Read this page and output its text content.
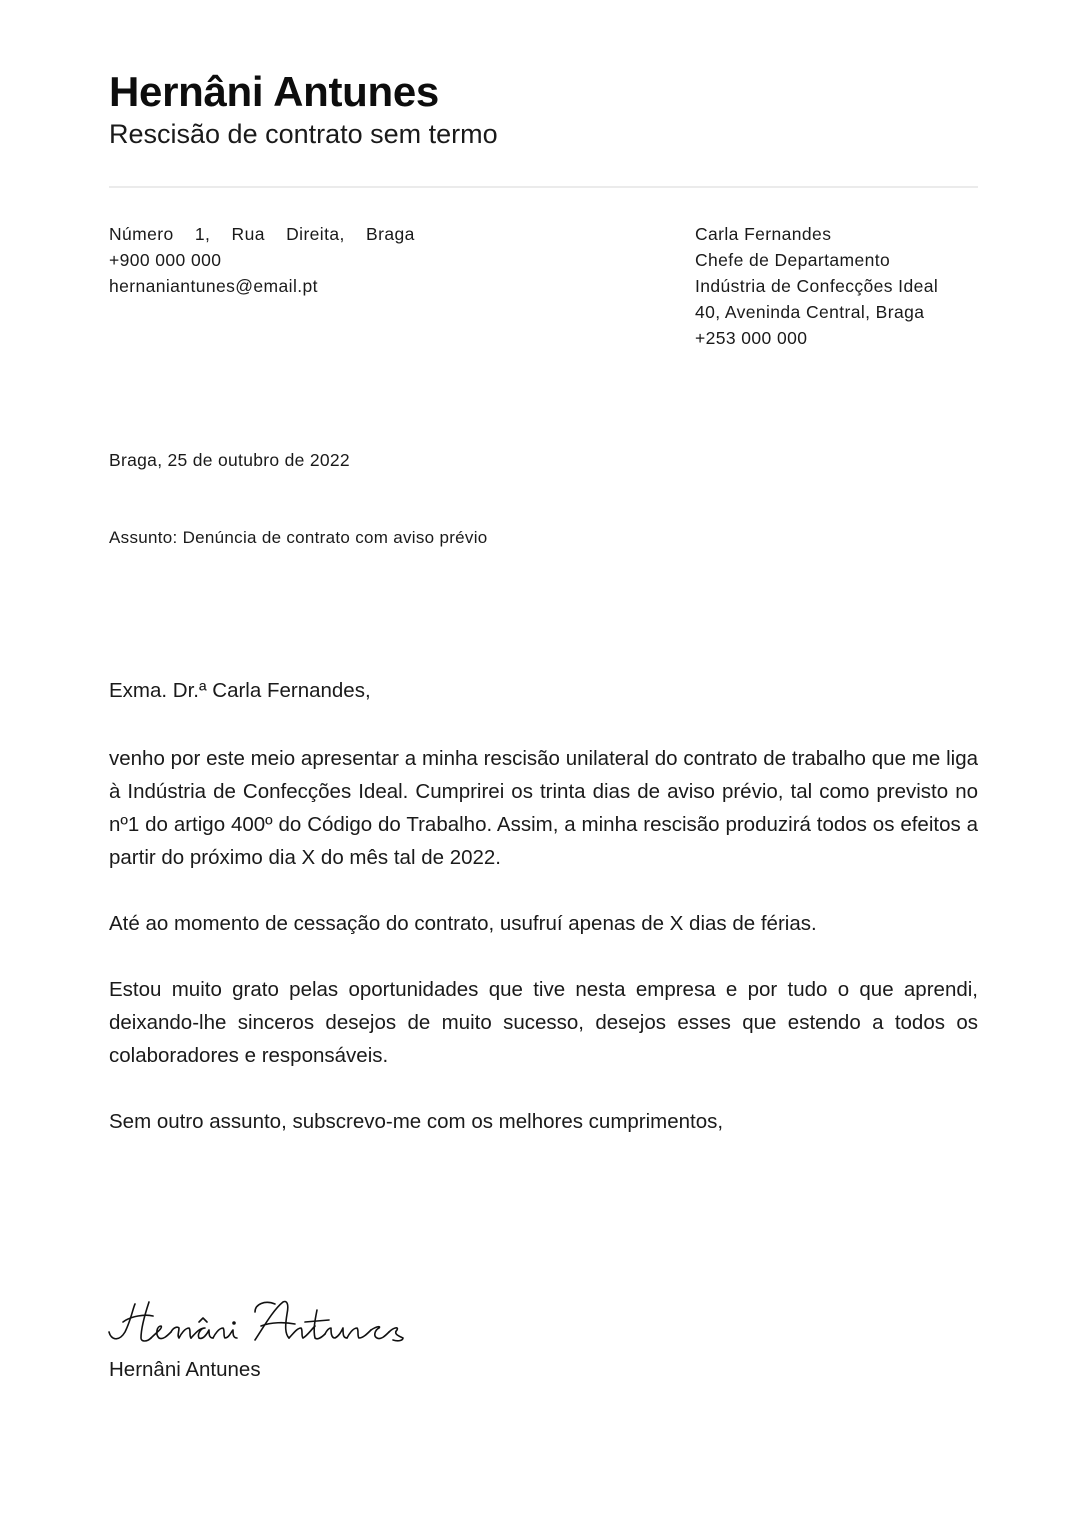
Hernâni Antunes
Rescisão de contrato sem termo
Número 1, Rua Direita, Braga
+900 000 000
hernaniantunes@email.pt
Carla Fernandes
Chefe de Departamento
Indústria de Confecções Ideal
40, Aveninda Central, Braga
+253 000 000
Braga, 25 de outubro de 2022
Assunto: Denúncia de contrato com aviso prévio
Exma. Dr.ª Carla Fernandes,

venho por este meio apresentar a minha rescisão unilateral do contrato de trabalho que me liga à Indústria de Confecções Ideal. Cumprirei os trinta dias de aviso prévio, tal como previsto no nº1 do artigo 400º do Código do Trabalho. Assim, a minha rescisão produzirá todos os efeitos a partir do próximo dia X do mês tal de 2022.

Até ao momento de cessação do contrato, usufruí apenas de X dias de férias.

Estou muito grato pelas oportunidades que tive nesta empresa e por tudo o que aprendi, deixando-lhe sinceros desejos de muito sucesso, desejos esses que estendo a todos os colaboradores e responsáveis.

Sem outro assunto, subscrevo-me com os melhores cumprimentos,

Hernâni Antunes
